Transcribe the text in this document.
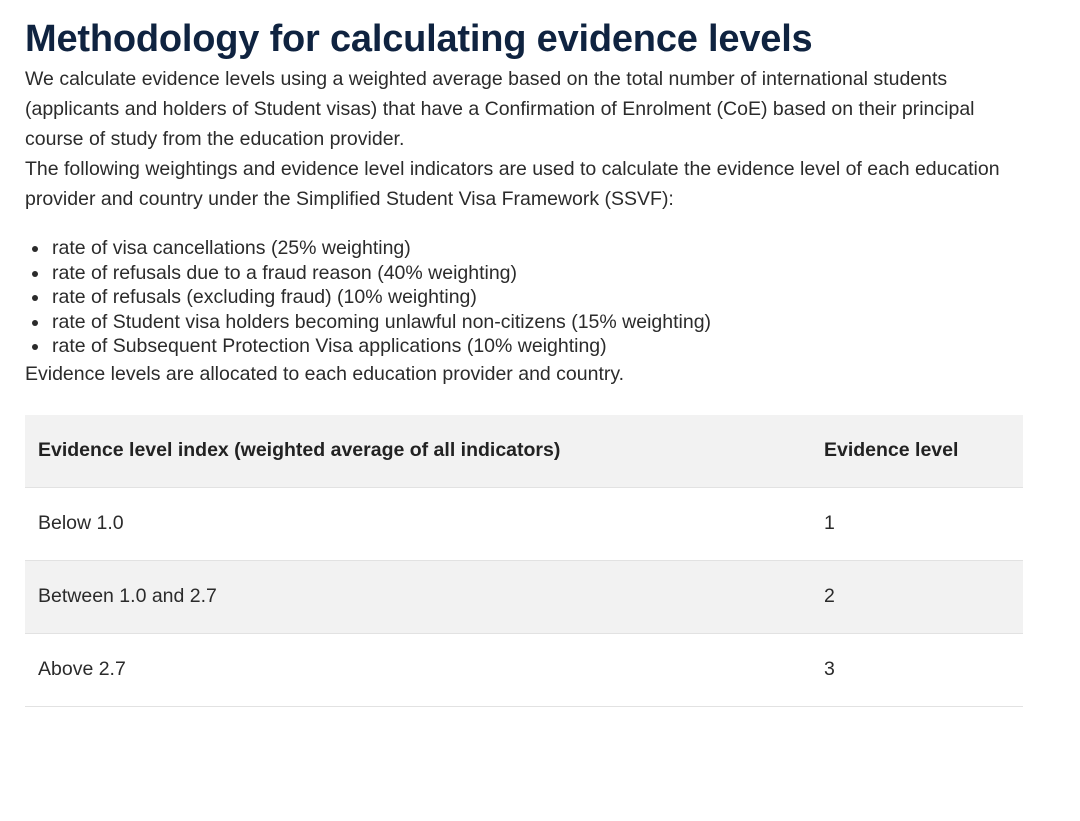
Methodology for calculating evidence levels

We calculate evidence levels using a weighted average based on the total number of international students (applicants and holders of Student visas) that have a Confirmation of Enrolment (CoE) based on their principal course of study from the education provider.

The following weightings and evidence level indicators are used to calculate the evidence level of each education provider and country under the Simplified Student Visa Framework (SSVF):

rate of visa cancellations (25% weighting)
rate of refusals due to a fraud reason (40% weighting)
rate of refusals (excluding fraud) (10% weighting)
rate of Student visa holders becoming unlawful non-citizens (15% weighting)
rate of Subsequent Protection Visa applications (10% weighting)

Evidence levels are allocated to each education provider and country.

Evidence level index (weighted average of all indicators)	Evidence level
Below 1.0	1
Between 1.0 and 2.7	2
Above 2.7	3
